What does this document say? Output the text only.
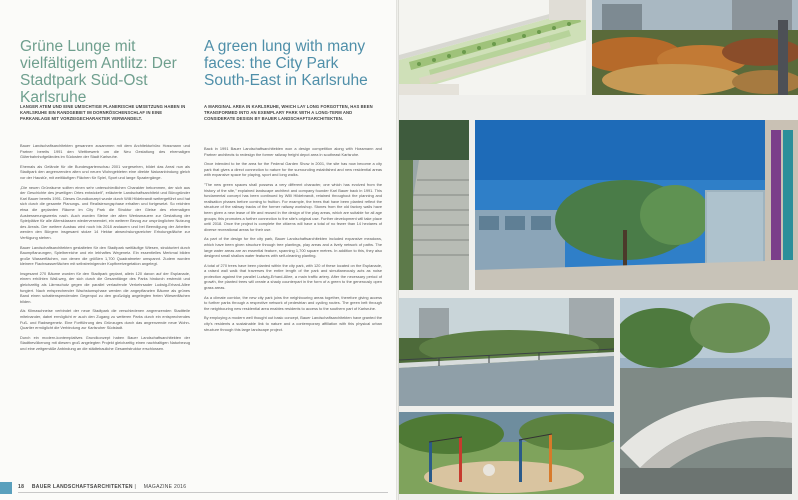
Grüne Lunge mit vielfältigem Antlitz: Der Stadtpark Süd-Ost Karlsruhe
A green lung with many faces: the City Park South-East in Karlsruhe
LANGER ATEM UND EINE UMSICHTIGE PLANERISCHE UMSETZUNG HABEN IN KARLSRUHE EIN RANDGEBIET IM DORNRÖSCHENSCHLAF IN EINE PARKANLAGE MIT VORZEIGECHARAKTER VERWANDELT.
A MARGINAL AREA IN KARLSRUHE, WHICH LAY LONG FORGOTTEN, HAS BEEN TRANSFORMED INTO AN EXEMPLARY PARK WITH A LONG-TERM AND CONSIDERATE DESIGN BY BAUER LANDSCHAFTSARCHITEKTEN.

Bauer Landschaftsarchitekten gewannen zusammen mit dem Architekturbüro Hossmann und Partner bereits 1991 den Wettbewerb um die Neu Gestaltung des ehemaligen Güterbahnhofgeländes im Südosten der Stadt Karlsruhe.

Ehemals als Gelände für die Bundesgartenschau 2001 vorgesehen, bildet das Areal nun als Stadtpark den angrenzenden alten und neuen Wohngebieten eine direkte Naturanbindung gleich vor der Haustür, mit weitläufigen Flächen für Spiel, Sport und lange Spaziergänge.

„Die neuen Grünräume sollten einen sehr unterschiedlichen Charakter bekommen, der sich aus der Geschichte des jeweiligen Ortes entwickelt", erläuterte Landschaftsarchitekt und Bürogründer Karl Bauer bereits 1991. Dieses Grundkonzept wurde durch Willi Hildebrandt weitergeführt und hat sich durch die gesamte Planungs- und Realisierungsphase erhalten und fortgesetzt. So reichten etwa die geplanten Räume im City Park die Struktur der Gleise des ehemaligen Ausbesserungswerks nach. Auch wurden Steine der alten Werksmauern zur Gestaltung der Spielplätze für alle Altersklassen wiederverwendet, ein weiterer Bezug zur ursprünglichen Nutzung des Areals. Der weitere Ausbau wird noch bis 2018 andauern und bei Beendigung der Arbeiten werden den Bürgern insgesamt stolze 14 Hektar abwechslungsreicher Erholungsfläche zur Verfügung stehen.

Bauer Landschaftsarchitekten gestalteten für den Stadtpark weitläufige Wiesen, strukturiert durch Baumpflanzungen, Spielbereiche und ein lebhaftes Wegenetz. Ein essentielles Merkmal bilden große Wasserflächen, von denen die größten 1,700 Quadratmeter umspannt. Zudem wurden kleinere Flachwasserflächen mit selbstreinigender Kopfbeetvegetation angelegt.

Insgesamt 270 Bäume wurden für den Stadtpark geplant, allein 120 davon auf der Esplanade, einem erhöhten Wall-weg, der sich durch die Gesamtlänge des Parks hindurch erstreckt und gleichzeitig als Lärmschutz gegen die parallel verlaufende Verkehrsader Ludwig-Erhard-Allee fungiert. Nach entsprechender Wachstumsphase werden die angepflanzten Bäume als grünes Band einen schattenspendenden Gegenpol zu den großzügig angelegten freien Wiesenflächen bilden.

Als Klimaschneise verbindet der neue Stadtpark die verschiedenen angrenzenden Stadtteile miteinander, dabei ermöglicht er auch den Zugang zu weiteren Parks durch ein entsprechendes Fuß- und Radwegenetz. Eine Fortführung des Grünzuges durch das angrenzende neue Wohn-Quartier ermöglicht die Verbindung zur Karlsruher Südstadt.

Durch ein modern-kontemplatives Grundkonzept haben Bauer Landschaftsarchitekten der Stadtbevölkerung mit diesem groß angelegten Projekt gleichzeitig einen nachhaltigen Naturbezug und eine zeitgemäße Anbindung an die städtebauliche Gesamtstruktur erschlossen.

Back in 1991 Bauer Landschaftsarchitekten won a design competition along with Hossmann and Partner architects to redesign the former railway freight depot area in southeast Karlsruhe.

Once intended to be the area for the Federal Garden Show in 2001, the site has now become a city park that gives a direct connection to nature for the surrounding established and new residential areas with expansive space for playing, sport and long walks.

"The new green spaces shall possess a very different character, one which has evolved from the history of the site," explained landscape architect and company founder Karl Bauer back in 1991. This fundamental concept has been continued by Willi Hildebrandt, retained throughout the planning and realisation phases before coming to fruition. For example, the trees that have been planted reflect the structure of the railway tracks of the former railway workshop. Stones from the old factory walls have been given a new lease of life and reused in the design of the play areas, which are suitable for all age groups; this promotes a further connection to the site's original use. Further development will take place until 2018. Once the project is complete the citizens will have a total of no fewer than 14 hectares of diverse recreational areas for their use.

As part of the design for the city park, Bauer Landschaftsarchitekten included expansive meadows, which have been given structure through tree plantings, play areas and a lively network of paths. The large water areas are an essential feature, spanning 1,700 square metres. In addition to this, they also designed small shallow water features with self-cleaning planting.

A total of 270 trees have been planted within the city park, with 120 of these located on the Esplanade, a raised wall walk that traverses the entire length of the park and simultaneously acts as noise protection against the parallel Ludwig-Erhard-Allee, a main traffic artery. After the necessary period of growth, the planted trees will create a shady counterpart in the form of a green to the generously open grass areas.

As a climate corridor, the new city park joins the neighbouring areas together, therefore giving access to further parks through a respective network of pedestrian and cycling routes. The green belt through the neighbouring new residential area enables residents to access to the southern part of Karlsruhe.

By employing a modern well thought out basic concept, Bauer Landschaftsarchitekten have granted the city's residents a sustainable link to nature and a contemporary affiliation with this physical urban structure through this large landscape project.

18 BAUER LANDSCHAFTSARCHITEKTEN | MAGAZINE 2016
